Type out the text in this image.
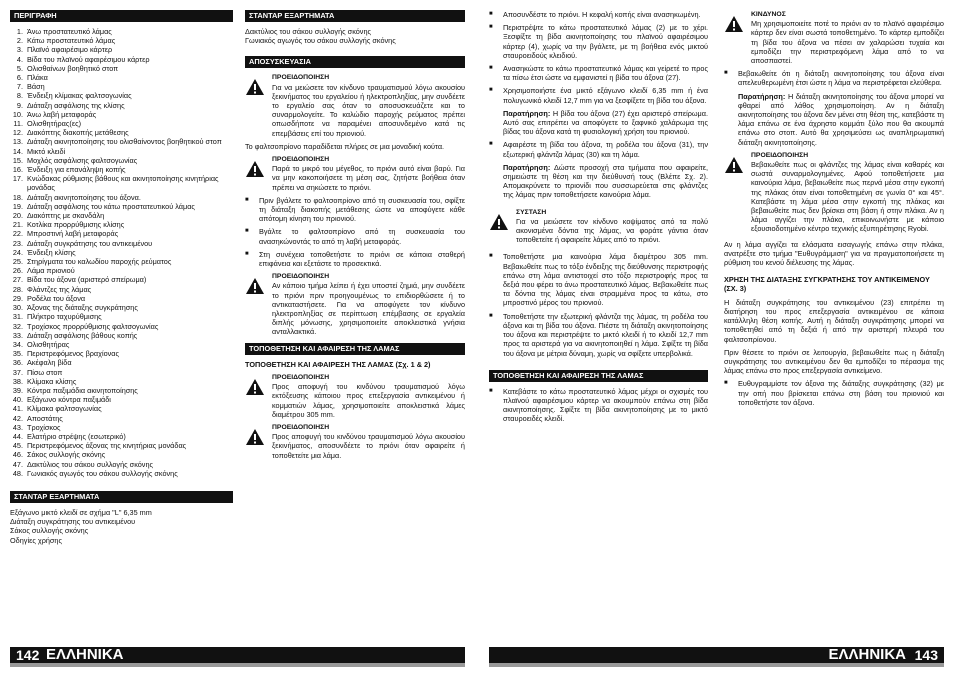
ΠΕΡΙΓΡΑΦΗ
1. Άνω προστατευτικό λάμας
2. Κάτω προστατευτικό λάμας
3. Πλαϊνό αφαιρέσιμο κάρτερ
4. Βίδα του πλαϊνού αφαιρέσιμου κάρτερ
5. Ολισθαίνων βοηθητικό στοπ
6. Πλάκα
7. Βάση
8. Ένδειξη κλίμακας φαλτσογωνίας
9. Διάταξη ασφάλισης της κλίσης
10. Άνω λαβή μεταφοράς
11. Ολισθητήρας(ες)
12. Διακόπτης διακοπής μετάθεσης
13. Διάταξη ακινητοποίησης του ολισθαίνοντος βοηθητικού στοπ
14. Μικτό κλειδί
15. Μοχλός ασφάλισης φαλτσογωνίας
16. Ένδειξη για επανάληψη κοπής
17. Κνώδακας ρύθμισης βάθους και ακινητοποίησης κινητήριας μονάδας
18. Διάταξη ακινητοποίησης του άξονα.
19. Διάταξη ασφάλισης του κάτω προστατευτικού λάμας
20. Διακόπτης με σκανδάλη
21. Κοτλίκα προρρύθμισης κλίσης
22. Μπροστινή λαβή μεταφοράς
23. Διάταξη συγκράτησης του αντικειμένου
24. Ένδειξη κλίσης
25. Στηρίγματα του καλωδίου παροχής ρεύματος
26. Λάμα πριονιού
27. Βίδα του άξονα (αριστερό σπείρωμα)
28. Φλάντζες της λάμας
29. Ροδέλα του άξονα
30. Άξονας της διάταξης συγκράτησης
31. Πλήκτρο ταχυρύθμισης
32. Τροχίσκος προρρύθμισης φαλτσογωνίας
33. Διάταξη ασφάλισης βάθους κοπής
34. Ολισθητήρας
35. Περιστρεφόμενος βραχίονας
36. Ακέφαλη βίδα
37. Πίσω στοπ
38. Κλίμακα κλίσης
39. Κόντρα παξιμάδια ακινητοποίησης
40. Εξάγωνο κόντρα παξιμάδι
41. Κλίμακα φαλτσογωνίας
42. Αποστάτης
43. Τροχίσκος
44. Ελατήριο στρέψης (εσωτερικό)
45. Περιστρεφόμενος άξονας της κινητήριας μονάδας
46. Σάκος συλλογής σκόνης
47. Δακτύλιος του σάκου συλλογής σκόνης
48. Γωνιακός αγωγός του σάκου συλλογής σκόνης
ΣΤΑΝΤΑΡ ΕΞΑΡΤΗΜΑΤΑ
Εξάγωνο μικτό κλειδί σε σχήμα "L" 6,35 mm
Διάταξη συγκράτησης του αντικειμένου
Σάκος συλλογής σκόνης
Οδηγίες χρήσης
ΣΤΑΝΤΑΡ ΕΞΑΡΤΗΜΑΤΑ
Δακτύλιος του σάκου συλλογής σκόνης
Γωνιακός αγωγός του σάκου συλλογής σκόνης
ΑΠΟΣΥΣΚΕΥΑΣΙΑ
ΠΡΟΕΙΔΟΠΟΙΗΣΗ
Για να μειώσετε τον κίνδυνο τραυματισμού λόγω ακουσίου ξεκινήματος του εργαλείου ή ηλεκτροπληξίας, μην συνδέετε το εργαλείο σας όταν το αποσυσκευάζετε και το συναρμολογείτε. Το καλώδιο παροχής ρεύματος πρέπει οπωσδήποτε να παραμένει αποσυνδεμένο κατά τις επεμβάσεις επί του πριονιού.

Το φαλτσοπρίονο παραδίδεται πλήρες σε μια μοναδική κούτα.

ΠΡΟΕΙΔΟΠΟΙΗΣΗ
Παρά το μικρό του μέγεθος, το πριόνι αυτό είναι βαρύ. Για να μην κακοποιήσετε τη μέση σας, ζητήστε βοήθεια όταν πρέπει να σηκώσετε το πριόνι.
■	Πριν βγάλετε το φαλτσοπρίονο από τη συσκευασία του, σφίξτε τη διάταξη διακοπής μετάθεσης ώστε να αποφύγετε κάθε απότομη κίνηση του πριονιού.
■	Βγάλτε το φαλτσοπρίονο από τη συσκευασία του ανασηκώνοντάς το από τη λαβή μεταφοράς.
■	Στη συνέχεια τοποθετήστε το πριόνι σε κάποια σταθερή επιφάνεια και εξετάστε το προσεκτικά.
ΠΡΟΕΙΔΟΠΟΙΗΣΗ
Αν κάποιο τμήμα λείπει ή έχει υποστεί ζημιά, μην συνδέετε το πριόνι πριν προηγουμένως το επιδιορθώσετε ή το αντικαταστήσετε. Για να αποφύγετε τον κίνδυνο ηλεκτροπληξίας σε περίπτωση επέμβασης σε εργαλεία διπλής μόνωσης, χρησιμοποιείτε αποκλειστικά γνήσια ανταλλακτικά.
ΤΟΠΟΘΕΤΗΣΗ ΚΑΙ ΑΦΑΙΡΕΣΗ ΤΗΣ ΛΑΜΑΣ
ΤΟΠΟΘΕΤΗΣΗ ΚΑΙ ΑΦΑΙΡΕΣΗ ΤΗΣ ΛΑΜΑΣ (Σχ. 1 & 2)
ΠΡΟΕΙΔΟΠΟΙΗΣΗ
Προς αποφυγή του κινδύνου τραυματισμού λόγω εκτόξευσης κάποιου προς επεξεργασία αντικειμένου ή κομματιών λάμας, χρησιμοποιείτε αποκλειστικά λάμες διαμέτρου 305 mm.
ΠΡΟΕΙΔΟΠΟΙΗΣΗ
Προς αποφυγή του κινδύνου τραυματισμού λόγω ακουσίου ξεκινήματος, αποσυνδέετε το πριόνι όταν αφαιρείτε ή τοποθετείτε μια λάμα.
■	Αποσυνδέστε το πριόνι. Η κεφαλή κοπής είναι ανασηκωμένη.
■	Περιστρέψτε το κάτω προστατευτικό λάμας (2) με το χέρι. Ξεσφίξτε τη βίδα ακινητοποίησης του πλαϊνού αφαιρέσιμου κάρτερ (4), χωρίς να την βγάλετε, με τη βοήθεια ενός μικτού σταυροειδούς κλειδιού.
■	Ανασηκώστε το κάτω προστατευτικό λάμας και γείρετέ το προς τα πίσω έτσι ώστε να εμφανιστεί η βίδα του άξονα (27).
■	Χρησιμοποιήστε ένα μικτό εξάγωνο κλειδί 6,35 mm ή ένα πολυγωνικό κλειδί 12,7 mm για να ξεσφίξετε τη βίδα του άξονα.

Παρατήρηση: Η βίδα του άξονα (27) έχει αριστερό σπείρωμα. Αυτό σας επιτρέπει να αποφύγετε το ξαφνικό χαλάρωμα της βίδας του άξονα κατά τη φυσιολογική χρήση του πριονιού.
■	Αφαιρέστε τη βίδα του άξονα, τη ροδέλα του άξονα (31), την εξωτερική φλάντζα λάμας (30) και τη λάμα.

Παρατήρηση: Δώστε προσοχή στα τμήματα που αφαιρείτε, σημειώστε τη θέση και την διεύθυνσή τους (Βλέπε Σχ. 2). Απομακρύνετε το πριονίδι που συσσωρεύεται στις φλάντζες της λάμας πριν τοποθετήσετε καινούρια λάμα.
ΣΥΣΤΑΣΗ
Για να μειώσετε τον κίνδυνο κοψίματος από τα πολύ ακονισμένα δόντια της λάμας, να φοράτε γάντια όταν τοποθετείτε ή αφαιρείτε λάμες από το πριόνι.
■	Τοποθετήστε μια καινούρια λάμα διαμέτρου 305 mm. Βεβαιωθείτε πως το τόξο ένδειξης της διεύθυνσης περιστροφής επάνω στη λάμα αντιστοιχεί στο τόξο περιστροφής προς τα δεξιά που φέρει το άνω προστατευτικό λάμας. Βεβαιωθείτε πως τα δόντια της λάμας είναι στραμμένα προς τα κάτω, στο μπροστινό μέρος του πριονιού.
■	Τοποθετήστε την εξωτερική φλάντζα της λάμας, τη ροδέλα του άξονα και τη βίδα του άξονα. Πιέστε τη διάταξη ακινητοποίησης του άξονα και περιστρέψτε το μικτό κλειδί ή το κλειδί 12,7 mm προς τα αριστερά για να ακινητοποιηθεί η λάμα. Σφίξτε τη βίδα του άξονα με μέτρια δύναμη, χωρίς να σφίξετε υπερβολικά.
ΤΟΠΟΘΕΤΗΣΗ ΚΑΙ ΑΦΑΙΡΕΣΗ ΤΗΣ ΛΑΜΑΣ
■	Κατεβάστε το κάτω προστατευτικό λάμας μέχρι οι σχισμές του πλαϊνού αφαιρέσιμου κάρτερ να ακουμπούν επάνω στη βίδα ακινητοποίησης. Σφίξτε τη βίδα ακινητοποίησης με το μικτό σταυροειδές κλειδί.
ΚΙΝΔΥΝΟΣ
Μη χρησιμοποιείτε ποτέ το πριόνι αν το πλαϊνό αφαιρέσιμο κάρτερ δεν είναι σωστά τοποθετημένο. Το κάρτερ εμποδίζει τη βίδα του άξονα να πέσει αν χαλαρώσει τυχαία και εμποδίζει την περιστρεφόμενη λάμα από το να αποσπαστεί.
■	Βεβαιωθείτε ότι η διάταξη ακινητοποίησης του άξονα είναι απελευθερωμένη έτσι ώστε η λάμα να περιστρέφεται ελεύθερα.
Παρατήρηση: Η διάταξη ακινητοποίησης του άξονα μπορεί να φθαρεί από λάθος χρησιμοποίηση. Αν η διάταξη ακινητοποίησης του άξονα δεν μένει στη θέση της, κατεβάστε τη λάμα επάνω σε ένα άχρηστο κομμάτι ξύλο που θα ακουμπά επάνω στο στοπ. Αυτό θα χρησιμεύσει ως αναπληρωματική διάταξη ακινητοποίησης.
ΠΡΟΕΙΔΟΠΟΙΗΣΗ
Βεβαιωθείτε πως οι φλάντζες της λάμας είναι καθαρές και σωστά συναρμολογημένες. Αφού τοποθετήσετε μια καινούρια λάμα, βεβαιωθείτε πως περνά μέσα στην εγκοπή της πλάκας όταν είναι τοποθετημένη σε γωνία 0° και 45°. Κατεβάστε τη λάμα μέσα στην εγκοπή της πλάκας και βεβαιωθείτε πως δεν βρίσκει στη βάση ή στην πλάκα. Αν η λάμα αγγίζει την πλάκα, επικοινωνήστε με κάποιο εξουσιοδοτημένο κέντρο τεχνικής εξυπηρέτησης Ryobi.

Αν η λάμα αγγίζει τα ελάσματα εισαγωγής επάνω στην πλάκα, ανατρέξτε στο τμήμα "Ευθυγράμμιση" για να πραγματοποιήσετε τη ρύθμιση του κενού διέλευσης της λάμας.

ΧΡΗΣΗ ΤΗΣ ΔΙΑΤΑΞΗΣ ΣΥΓΚΡΑΤΗΣΗΣ ΤΟΥ ΑΝΤΙΚΕΙΜΕΝΟΥ (ΣΧ. 3)

Η διάταξη συγκράτησης του αντικειμένου (23) επιτρέπει τη διατήρηση του προς επεξεργασία αντικειμένου σε κάποια κατάλληλη θέση κοπής. Αυτή η διάταξη συγκράτησης μπορεί να τοποθετηθεί από τη δεξιά ή από την αριστερή πλευρά του φαλτσοπρίονου.

Πριν θέσετε το πριόνι σε λειτουργία, βεβαιωθείτε πως η διάταξη συγκράτησης του αντικειμένου δεν θα εμποδίζει το πέρασμα της λάμας επάνω στο προς επεξεργασία αντικείμενο.

■	Ευθυγραμμίστε τον άξονα της διάταξης συγκράτησης (32) με την οπή που βρίσκεται επάνω στη βάση του πριονιού και τοποθετήστε τον άξονα.
142 ΕΛΛΗΝΙΚΑ	ΕΛΛΗΝΙΚΑ 143
